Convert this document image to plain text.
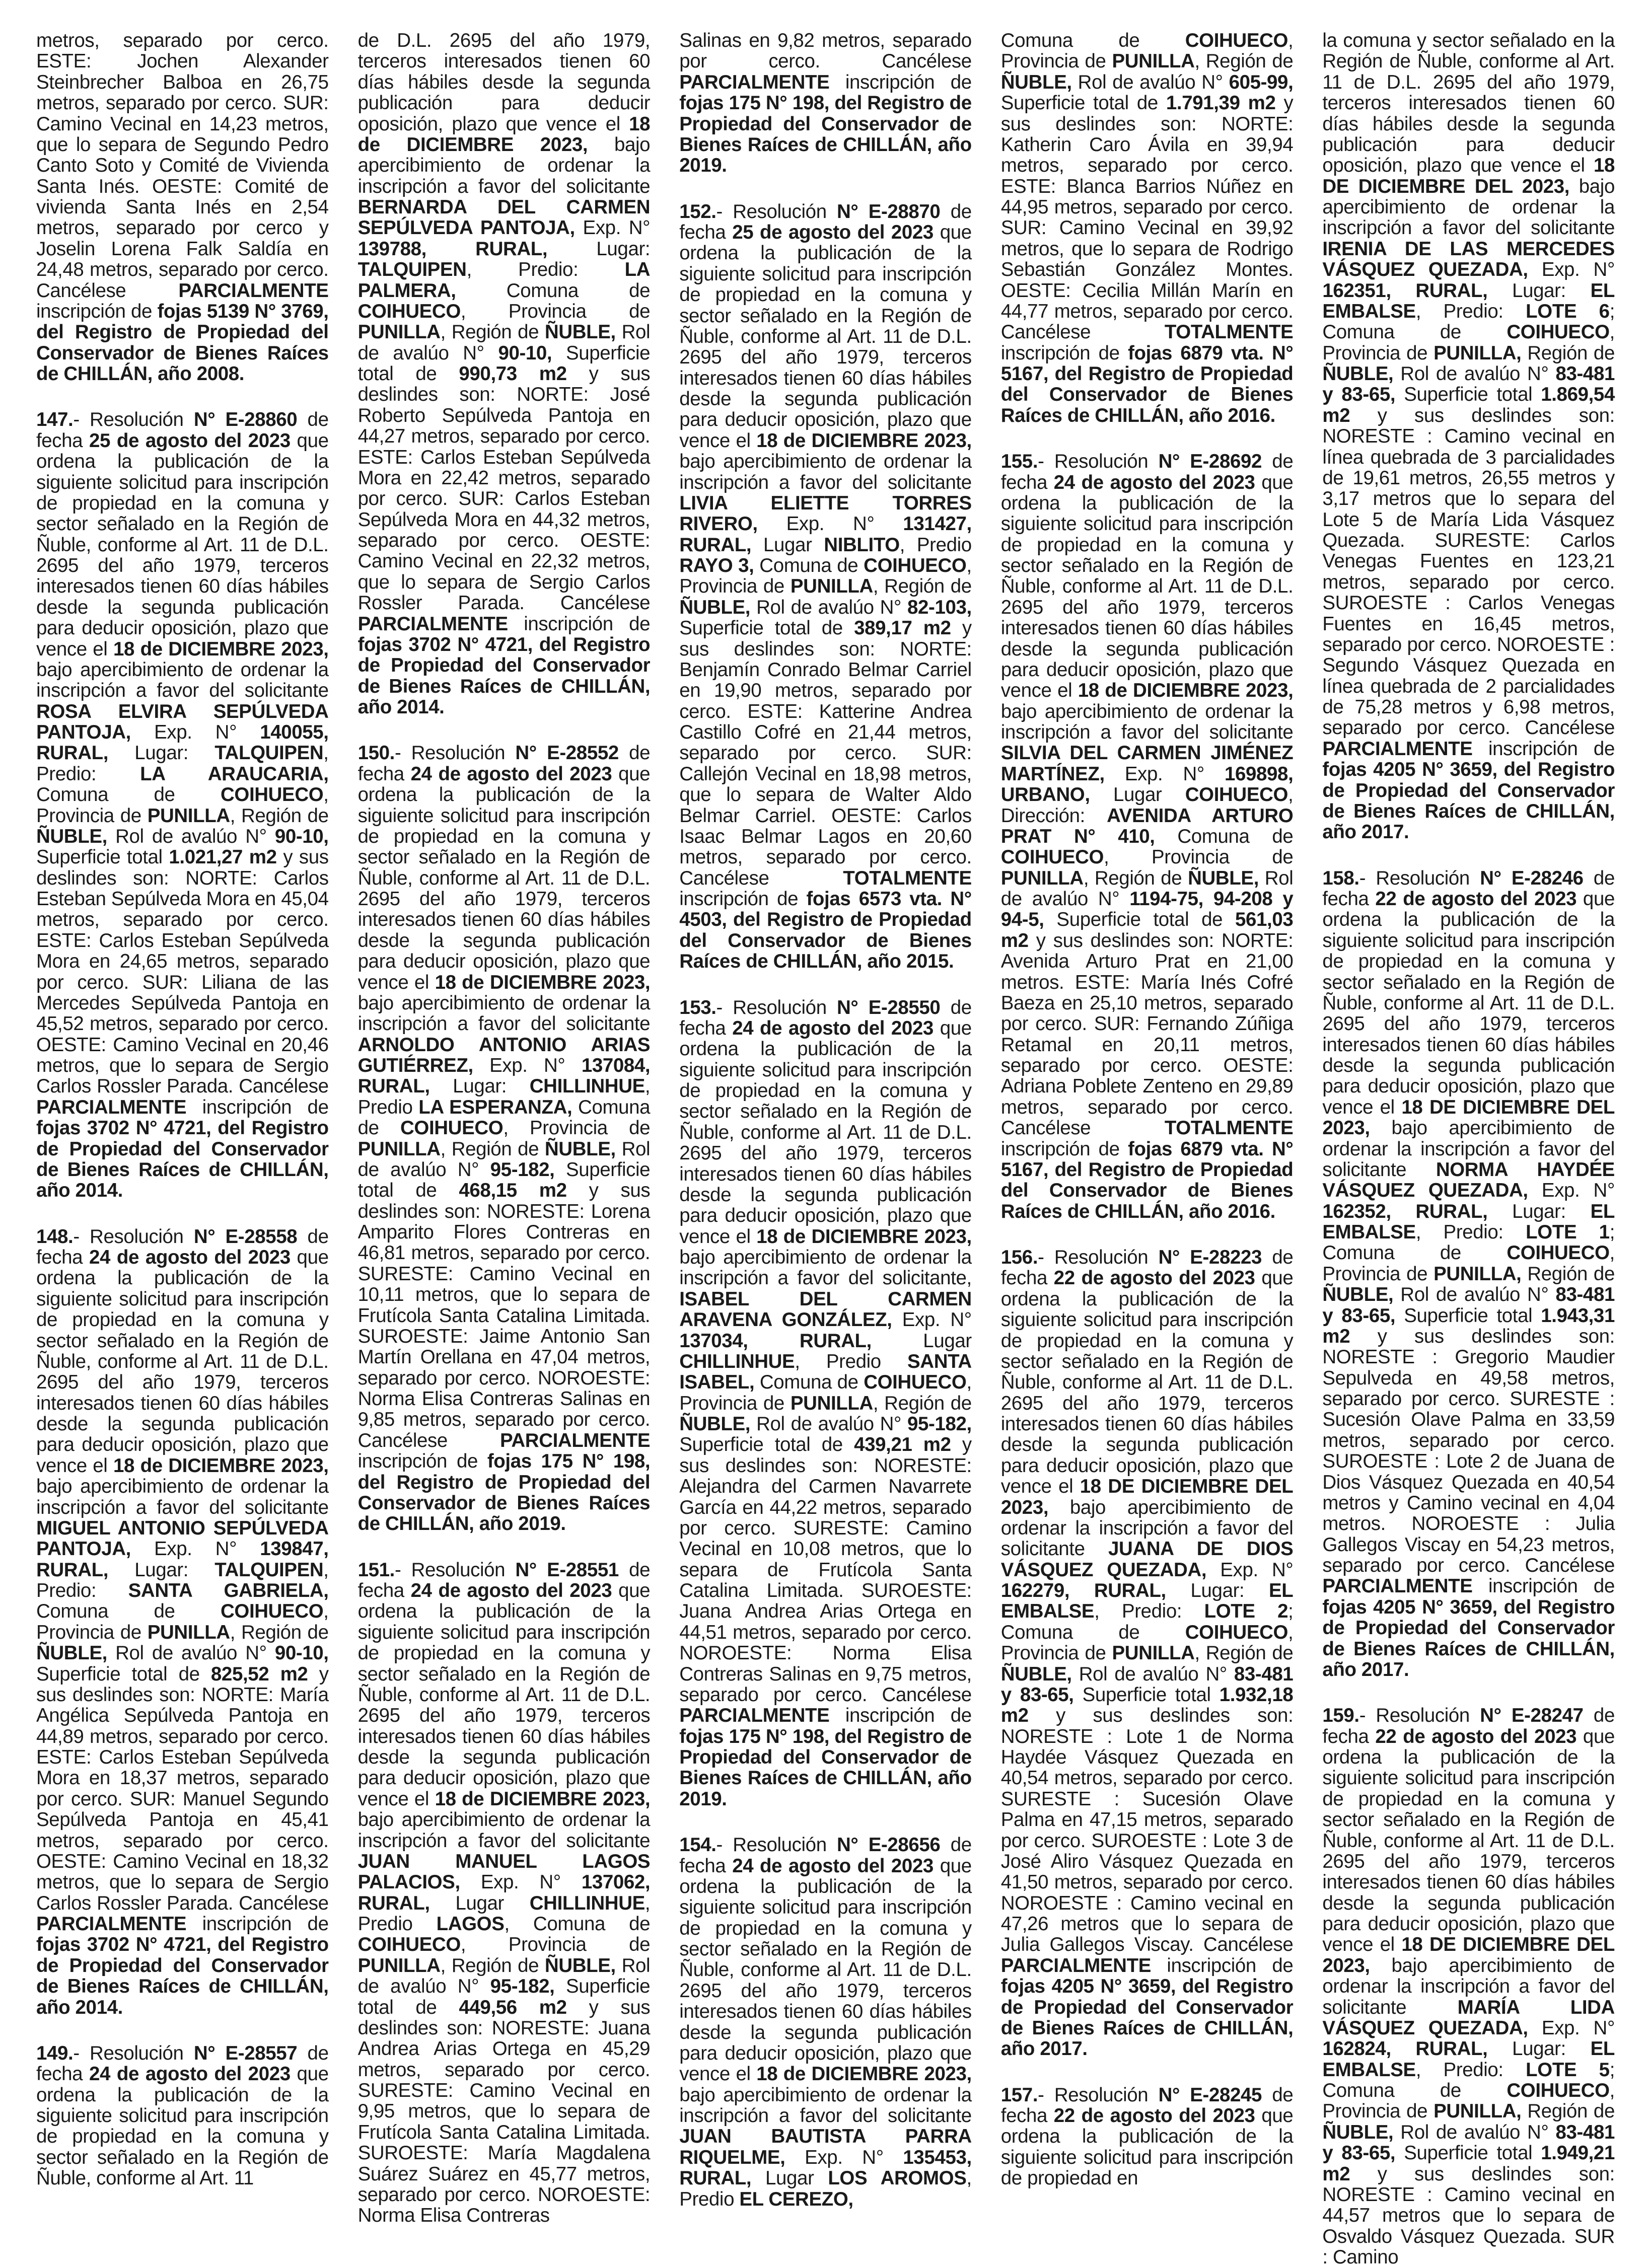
metros, separado por cerco. ESTE: Jochen Alexander Steinbrecher Balboa en 26,75 metros, separado por cerco. SUR: Camino Vecinal en 14,23 metros, que lo separa de Segundo Pedro Canto Soto y Comité de Vivienda Santa Inés. OESTE: Comité de vivienda Santa Inés en 2,54 metros, separado por cerco y Joselin Lorena Falk Saldía en 24,48 metros, separado por cerco. Cancélese PARCIALMENTE inscripción de fojas 5139 N° 3769, del Registro de Propiedad del Conservador de Bienes Raíces de CHILLÁN, año 2008.

147.- Resolución N° E-28860 de fecha 25 de agosto del 2023 que ordena la publicación de la siguiente solicitud para inscripción de propiedad en la comuna y sector señalado en la Región de Ñuble, conforme al Art. 11 de D.L. 2695 del año 1979, terceros interesados tienen 60 días hábiles desde la segunda publicación para deducir oposición, plazo que vence el 18 de DICIEMBRE 2023, bajo apercibimiento de ordenar la inscripción a favor del solicitante ROSA ELVIRA SEPÚLVEDA PANTOJA, Exp. N° 140055, RURAL, Lugar: TALQUIPEN, Predio: LA ARAUCARIA, Comuna de COIHUECO, Provincia de PUNILLA, Región de ÑUBLE, Rol de avalúo N° 90-10, Superficie total 1.021,27 m2 y sus deslindes son: NORTE: Carlos Esteban Sepúlveda Mora en 45,04 metros, separado por cerco. ESTE: Carlos Esteban Sepúlveda Mora en 24,65 metros, separado por cerco. SUR: Liliana de las Mercedes Sepúlveda Pantoja en 45,52 metros, separado por cerco. OESTE: Camino Vecinal en 20,46 metros, que lo separa de Sergio Carlos Rossler Parada. Cancélese PARCIALMENTE inscripción de fojas 3702 N° 4721, del Registro de Propiedad del Conservador de Bienes Raíces de CHILLÁN, año 2014.

148.- Resolución N° E-28558 de fecha 24 de agosto del 2023 que ordena la publicación de la siguiente solicitud para inscripción de propiedad en la comuna y sector señalado en la Región de Ñuble, conforme al Art. 11 de D.L. 2695 del año 1979, terceros interesados tienen 60 días hábiles desde la segunda publicación para deducir oposición, plazo que vence el 18 de DICIEMBRE 2023, bajo apercibimiento de ordenar la inscripción a favor del solicitante MIGUEL ANTONIO SEPÚLVEDA PANTOJA, Exp. N° 139847, RURAL, Lugar: TALQUIPEN, Predio: SANTA GABRIELA, Comuna de COIHUECO, Provincia de PUNILLA, Región de ÑUBLE, Rol de avalúo N° 90-10, Superficie total de 825,52 m2 y sus deslindes son: NORTE: María Angélica Sepúlveda Pantoja en 44,89 metros, separado por cerco. ESTE: Carlos Esteban Sepúlveda Mora en 18,37 metros, separado por cerco. SUR: Manuel Segundo Sepúlveda Pantoja en 45,41 metros, separado por cerco. OESTE: Camino Vecinal en 18,32 metros, que lo separa de Sergio Carlos Rossler Parada. Cancélese PARCIALMENTE inscripción de fojas 3702 N° 4721, del Registro de Propiedad del Conservador de Bienes Raíces de CHILLÁN, año 2014.

149.- Resolución N° E-28557 de fecha 24 de agosto del 2023 que ordena la publicación de la siguiente solicitud para inscripción de propiedad en la comuna y sector señalado en la Región de Ñuble, conforme al Art. 11

de D.L. 2695 del año 1979, terceros interesados tienen 60 días hábiles desde la segunda publicación para deducir oposición, plazo que vence el 18 de DICIEMBRE 2023, bajo apercibimiento de ordenar la inscripción a favor del solicitante BERNARDA DEL CARMEN SEPÚLVEDA PANTOJA, Exp. N° 139788, RURAL, Lugar: TALQUIPEN, Predio: LA PALMERA, Comuna de COIHUECO, Provincia de PUNILLA, Región de ÑUBLE, Rol de avalúo N° 90-10, Superficie total de 990,73 m2 y sus deslindes son: NORTE: José Roberto Sepúlveda Pantoja en 44,27 metros, separado por cerco. ESTE: Carlos Esteban Sepúlveda Mora en 22,42 metros, separado por cerco. SUR: Carlos Esteban Sepúlveda Mora en 44,32 metros, separado por cerco. OESTE: Camino Vecinal en 22,32 metros, que lo separa de Sergio Carlos Rossler Parada. Cancélese PARCIALMENTE inscripción de fojas 3702 N° 4721, del Registro de Propiedad del Conservador de Bienes Raíces de CHILLÁN, año 2014.

150.- Resolución N° E-28552 de fecha 24 de agosto del 2023 que ordena la publicación de la siguiente solicitud para inscripción de propiedad en la comuna y sector señalado en la Región de Ñuble, conforme al Art. 11 de D.L. 2695 del año 1979, terceros interesados tienen 60 días hábiles desde la segunda publicación para deducir oposición, plazo que vence el 18 de DICIEMBRE 2023, bajo apercibimiento de ordenar la inscripción a favor del solicitante ARNOLDO ANTONIO ARIAS GUTIÉRREZ, Exp. N° 137084, RURAL, Lugar: CHILLINHUE, Predio LA ESPERANZA, Comuna de COIHUECO, Provincia de PUNILLA, Región de ÑUBLE, Rol de avalúo N° 95-182, Superficie total de 468,15 m2 y sus deslindes son: NORESTE: Lorena Amparito Flores Contreras en 46,81 metros, separado por cerco. SURESTE: Camino Vecinal en 10,11 metros, que lo separa de Frutícola Santa Catalina Limitada. SUROESTE: Jaime Antonio San Martín Orellana en 47,04 metros, separado por cerco. NOROESTE: Norma Elisa Contreras Salinas en 9,85 metros, separado por cerco. Cancélese PARCIALMENTE inscripción de fojas 175 N° 198, del Registro de Propiedad del Conservador de Bienes Raíces de CHILLÁN, año 2019.

151.- Resolución N° E-28551 de fecha 24 de agosto del 2023 que ordena la publicación de la siguiente solicitud para inscripción de propiedad en la comuna y sector señalado en la Región de Ñuble, conforme al Art. 11 de D.L. 2695 del año 1979, terceros interesados tienen 60 días hábiles desde la segunda publicación para deducir oposición, plazo que vence el 18 de DICIEMBRE 2023, bajo apercibimiento de ordenar la inscripción a favor del solicitante JUAN MANUEL LAGOS PALACIOS, Exp. N° 137062, RURAL, Lugar CHILLINHUE, Predio LAGOS, Comuna de COIHUECO, Provincia de PUNILLA, Región de ÑUBLE, Rol de avalúo N° 95-182, Superficie total de 449,56 m2 y sus deslindes son: NORESTE: Juana Andrea Arias Ortega en 45,29 metros, separado por cerco. SURESTE: Camino Vecinal en 9,95 metros, que lo separa de Frutícola Santa Catalina Limitada. SUROESTE: María Magdalena Suárez Suárez en 45,77 metros, separado por cerco. NOROESTE: Norma Elisa Contreras

Salinas en 9,82 metros, separado por cerco. Cancélese PARCIALMENTE inscripción de fojas 175 N° 198, del Registro de Propiedad del Conservador de Bienes Raíces de CHILLÁN, año 2019.

152.- Resolución N° E-28870 de fecha 25 de agosto del 2023 que ordena la publicación de la siguiente solicitud para inscripción de propiedad en la comuna y sector señalado en la Región de Ñuble, conforme al Art. 11 de D.L. 2695 del año 1979, terceros interesados tienen 60 días hábiles desde la segunda publicación para deducir oposición, plazo que vence el 18 de DICIEMBRE 2023, bajo apercibimiento de ordenar la inscripción a favor del solicitante LIVIA ELIETTE TORRES RIVERO, Exp. N° 131427, RURAL, Lugar NIBLITO, Predio RAYO 3, Comuna de COIHUECO, Provincia de PUNILLA, Región de ÑUBLE, Rol de avalúo N° 82-103, Superficie total de 389,17 m2 y sus deslindes son: NORTE: Benjamín Conrado Belmar Carriel en 19,90 metros, separado por cerco. ESTE: Katterine Andrea Castillo Cofré en 21,44 metros, separado por cerco. SUR: Callejón Vecinal en 18,98 metros, que lo separa de Walter Aldo Belmar Carriel. OESTE: Carlos Isaac Belmar Lagos en 20,60 metros, separado por cerco. Cancélese TOTALMENTE inscripción de fojas 6573 vta. N° 4503, del Registro de Propiedad del Conservador de Bienes Raíces de CHILLÁN, año 2015.

153.- Resolución N° E-28550 de fecha 24 de agosto del 2023 que ordena la publicación de la siguiente solicitud para inscripción de propiedad en la comuna y sector señalado en la Región de Ñuble, conforme al Art. 11 de D.L. 2695 del año 1979, terceros interesados tienen 60 días hábiles desde la segunda publicación para deducir oposición, plazo que vence el 18 de DICIEMBRE 2023, bajo apercibimiento de ordenar la inscripción a favor del solicitante, ISABEL DEL CARMEN ARAVENA GONZÁLEZ, Exp. N° 137034, RURAL, Lugar CHILLINHUE, Predio SANTA ISABEL, Comuna de COIHUECO, Provincia de PUNILLA, Región de ÑUBLE, Rol de avalúo N° 95-182, Superficie total de 439,21 m2 y sus deslindes son: NORESTE: Alejandra del Carmen Navarrete García en 44,22 metros, separado por cerco. SURESTE: Camino Vecinal en 10,08 metros, que lo separa de Frutícola Santa Catalina Limitada. SUROESTE: Juana Andrea Arias Ortega en 44,51 metros, separado por cerco. NOROESTE: Norma Elisa Contreras Salinas en 9,75 metros, separado por cerco. Cancélese PARCIALMENTE inscripción de fojas 175 N° 198, del Registro de Propiedad del Conservador de Bienes Raíces de CHILLÁN, año 2019.

154.- Resolución N° E-28656 de fecha 24 de agosto del 2023 que ordena la publicación de la siguiente solicitud para inscripción de propiedad en la comuna y sector señalado en la Región de Ñuble, conforme al Art. 11 de D.L. 2695 del año 1979, terceros interesados tienen 60 días hábiles desde la segunda publicación para deducir oposición, plazo que vence el 18 de DICIEMBRE 2023, bajo apercibimiento de ordenar la inscripción a favor del solicitante JUAN BAUTISTA PARRA RIQUELME, Exp. N° 135453, RURAL, Lugar LOS AROMOS, Predio EL CEREZO,

Comuna de COIHUECO, Provincia de PUNILLA, Región de ÑUBLE, Rol de avalúo N° 605-99, Superficie total de 1.791,39 m2 y sus deslindes son: NORTE: Katherin Caro Ávila en 39,94 metros, separado por cerco. ESTE: Blanca Barrios Núñez en 44,95 metros, separado por cerco. SUR: Camino Vecinal en 39,92 metros, que lo separa de Rodrigo Sebastián González Montes. OESTE: Cecilia Millán Marín en 44,77 metros, separado por cerco. Cancélese TOTALMENTE inscripción de fojas 6879 vta. N° 5167, del Registro de Propiedad del Conservador de Bienes Raíces de CHILLÁN, año 2016.

155.- Resolución N° E-28692 de fecha 24 de agosto del 2023 que ordena la publicación de la siguiente solicitud para inscripción de propiedad en la comuna y sector señalado en la Región de Ñuble, conforme al Art. 11 de D.L. 2695 del año 1979, terceros interesados tienen 60 días hábiles desde la segunda publicación para deducir oposición, plazo que vence el 18 de DICIEMBRE 2023, bajo apercibimiento de ordenar la inscripción a favor del solicitante SILVIA DEL CARMEN JIMÉNEZ MARTÍNEZ, Exp. N° 169898, URBANO, Lugar COIHUECO, Dirección: AVENIDA ARTURO PRAT N° 410, Comuna de COIHUECO, Provincia de PUNILLA, Región de ÑUBLE, Rol de avalúo N° 1194-75, 94-208 y 94-5, Superficie total de 561,03 m2 y sus deslindes son: NORTE: Avenida Arturo Prat en 21,00 metros. ESTE: María Inés Cofré Baeza en 25,10 metros, separado por cerco. SUR: Fernando Zúñiga Retamal en 20,11 metros, separado por cerco. OESTE: Adriana Poblete Zenteno en 29,89 metros, separado por cerco. Cancélese TOTALMENTE inscripción de fojas 6879 vta. N° 5167, del Registro de Propiedad del Conservador de Bienes Raíces de CHILLÁN, año 2016.

156.- Resolución N° E-28223 de fecha 22 de agosto del 2023 que ordena la publicación de la siguiente solicitud para inscripción de propiedad en la comuna y sector señalado en la Región de Ñuble, conforme al Art. 11 de D.L. 2695 del año 1979, terceros interesados tienen 60 días hábiles desde la segunda publicación para deducir oposición, plazo que vence el 18 DE DICIEMBRE DEL 2023, bajo apercibimiento de ordenar la inscripción a favor del solicitante JUANA DE DIOS VÁSQUEZ QUEZADA, Exp. N° 162279, RURAL, Lugar: EL EMBALSE, Predio: LOTE 2; Comuna de COIHUECO, Provincia de PUNILLA, Región de ÑUBLE, Rol de avalúo N° 83-481 y 83-65, Superficie total 1.932,18 m2 y sus deslindes son: NORESTE : Lote 1 de Norma Haydée Vásquez Quezada en 40,54 metros, separado por cerco. SURESTE : Sucesión Olave Palma en 47,15 metros, separado por cerco. SUROESTE : Lote 3 de José Aliro Vásquez Quezada en 41,50 metros, separado por cerco. NOROESTE : Camino vecinal en 47,26 metros que lo separa de Julia Gallegos Viscay. Cancélese PARCIALMENTE inscripción de fojas 4205 N° 3659, del Registro de Propiedad del Conservador de Bienes Raíces de CHILLÁN, año 2017.

157.- Resolución N° E-28245 de fecha 22 de agosto del 2023 que ordena la publicación de la siguiente solicitud para inscripción de propiedad en

la comuna y sector señalado en la Región de Ñuble, conforme al Art. 11 de D.L. 2695 del año 1979, terceros interesados tienen 60 días hábiles desde la segunda publicación para deducir oposición, plazo que vence el 18 DE DICIEMBRE DEL 2023, bajo apercibimiento de ordenar la inscripción a favor del solicitante IRENIA DE LAS MERCEDES VÁSQUEZ QUEZADA, Exp. N° 162351, RURAL, Lugar: EL EMBALSE, Predio: LOTE 6; Comuna de COIHUECO, Provincia de PUNILLA, Región de ÑUBLE, Rol de avalúo N° 83-481 y 83-65, Superficie total 1.869,54 m2 y sus deslindes son: NORESTE : Camino vecinal en línea quebrada de 3 parcialidades de 19,61 metros, 26,55 metros y 3,17 metros que lo separa del Lote 5 de María Lida Vásquez Quezada. SURESTE: Carlos Venegas Fuentes en 123,21 metros, separado por cerco. SUROESTE : Carlos Venegas Fuentes en 16,45 metros, separado por cerco. NOROESTE : Segundo Vásquez Quezada en línea quebrada de 2 parcialidades de 75,28 metros y 6,98 metros, separado por cerco. Cancélese PARCIALMENTE inscripción de fojas 4205 N° 3659, del Registro de Propiedad del Conservador de Bienes Raíces de CHILLÁN, año 2017.

158.- Resolución N° E-28246 de fecha 22 de agosto del 2023 que ordena la publicación de la siguiente solicitud para inscripción de propiedad en la comuna y sector señalado en la Región de Ñuble, conforme al Art. 11 de D.L. 2695 del año 1979, terceros interesados tienen 60 días hábiles desde la segunda publicación para deducir oposición, plazo que vence el 18 DE DICIEMBRE DEL 2023, bajo apercibimiento de ordenar la inscripción a favor del solicitante NORMA HAYDÉE VÁSQUEZ QUEZADA, Exp. N° 162352, RURAL, Lugar: EL EMBALSE, Predio: LOTE 1; Comuna de COIHUECO, Provincia de PUNILLA, Región de ÑUBLE, Rol de avalúo N° 83-481 y 83-65, Superficie total 1.943,31 m2 y sus deslindes son: NORESTE : Gregorio Maudier Sepulveda en 49,58 metros, separado por cerco. SURESTE : Sucesión Olave Palma en 33,59 metros, separado por cerco. SUROESTE : Lote 2 de Juana de Dios Vásquez Quezada en 40,54 metros y Camino vecinal en 4,04 metros. NOROESTE : Julia Gallegos Viscay en 54,23 metros, separado por cerco. Cancélese PARCIALMENTE inscripción de fojas 4205 N° 3659, del Registro de Propiedad del Conservador de Bienes Raíces de CHILLÁN, año 2017.

159.- Resolución N° E-28247 de fecha 22 de agosto del 2023 que ordena la publicación de la siguiente solicitud para inscripción de propiedad en la comuna y sector señalado en la Región de Ñuble, conforme al Art. 11 de D.L. 2695 del año 1979, terceros interesados tienen 60 días hábiles desde la segunda publicación para deducir oposición, plazo que vence el 18 DE DICIEMBRE DEL 2023, bajo apercibimiento de ordenar la inscripción a favor del solicitante MARÍA LIDA VÁSQUEZ QUEZADA, Exp. N° 162824, RURAL, Lugar: EL EMBALSE, Predio: LOTE 5; Comuna de COIHUECO, Provincia de PUNILLA, Región de ÑUBLE, Rol de avalúo N° 83-481 y 83-65, Superficie total 1.949,21 m2 y sus deslindes son: NORESTE : Camino vecinal en 44,57 metros que lo separa de Osvaldo Vásquez Quezada. SUR : Camino
